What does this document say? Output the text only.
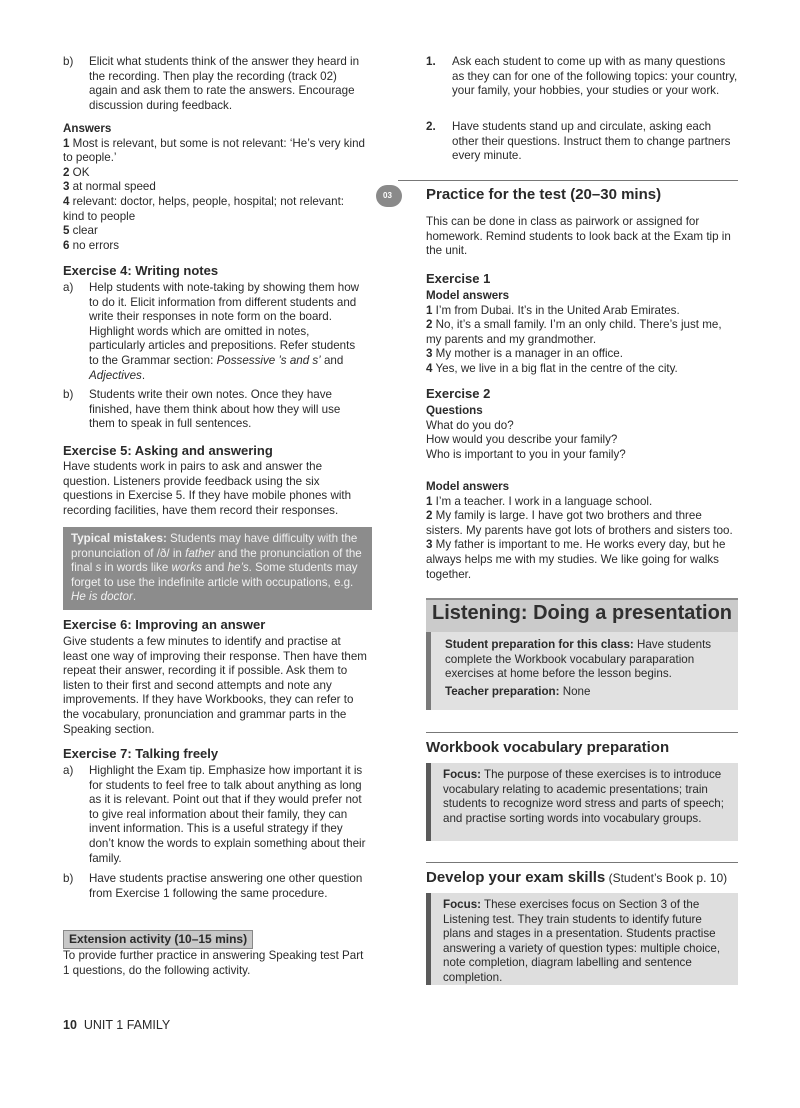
b) Elicit what students think of the answer they heard in the recording. Then play the recording (track 02) again and ask them to rate the answers. Encourage discussion during feedback.

Answers

1 Most is relevant, but some is not relevant: ‘He’s very kind to people.’

2 OK

3 at normal speed

4 relevant: doctor, helps, people, hospital; not relevant: kind to people

5 clear

6 no errors

Exercise 4: Writing notes

a) Help students with note-taking by showing them how to do it. Elicit information from different students and write their responses in note form on the board. Highlight words which are omitted in notes, particularly articles and prepositions. Refer students to the Grammar section: Possessive ’s and s’ and Adjectives.

b) Students write their own notes. Once they have finished, have them think about how they will use them to speak in full sentences.

Exercise 5: Asking and answering

Have students work in pairs to ask and answer the question. Listeners provide feedback using the six questions in Exercise 5. If they have mobile phones with recording facilities, have them record their responses.

Typical mistakes: Students may have difficulty with the pronunciation of /ð/ in father and the pronunciation of the final s in words like works and he’s. Some students may forget to use the indefinite article with occupations, e.g. He is doctor.

Exercise 6: Improving an answer

Give students a few minutes to identify and practise at least one way of improving their response. Then have them repeat their answer, recording it if possible. Ask them to listen to their first and second attempts and note any improvements. If they have Workbooks, they can refer to the vocabulary, pronunciation and grammar parts in the Speaking section.

Exercise 7: Talking freely

a) Highlight the Exam tip. Emphasize how important it is for students to feel free to talk about anything as long as it is relevant. Point out that if they would prefer not to give real information about their family, they can invent information. This is a useful strategy if they don’t know the words to explain something about their family.

b) Have students practise answering one other question from Exercise 1 following the same procedure.

Extension activity (10–15 mins)

To provide further practice in answering Speaking test Part 1 questions, do the following activity.

10 UNIT 1 FAMILY
1. Ask each student to come up with as many questions as they can for one of the following topics: your country, your family, your hobbies, your studies or your work.

2. Have students stand up and circulate, asking each other their questions. Instruct them to change partners every minute.

03 Practice for the test (20–30 mins)

This can be done in class as pairwork or assigned for homework. Remind students to look back at the Exam tip in the unit.

Exercise 1

Model answers

1 I’m from Dubai. It’s in the United Arab Emirates.

2 No, it’s a small family. I’m an only child. There’s just me, my parents and my grandmother.

3 My mother is a manager in an office.

4 Yes, we live in a big flat in the centre of the city.

Exercise 2

Questions

What do you do?

How would you describe your family?

Who is important to you in your family?

Model answers

1 I’m a teacher. I work in a language school.

2 My family is large. I have got two brothers and three sisters. My parents have got lots of brothers and sisters too.

3 My father is important to me. He works every day, but he always helps me with my studies. We like going for walks together.

Listening: Doing a presentation

Student preparation for this class: Have students complete the Workbook vocabulary paraparation exercises at home before the lesson begins.

Teacher preparation: None

Workbook vocabulary preparation

Focus: The purpose of these exercises is to introduce vocabulary relating to academic presentations; train students to recognize word stress and parts of speech; and practise sorting words into vocabulary groups.

Develop your exam skills (Student’s Book p. 10)

Focus: These exercises focus on Section 3 of the Listening test. They train students to identify future plans and stages in a presentation. Students practise answering a variety of question types: multiple choice, note completion, diagram labelling and sentence completion.
